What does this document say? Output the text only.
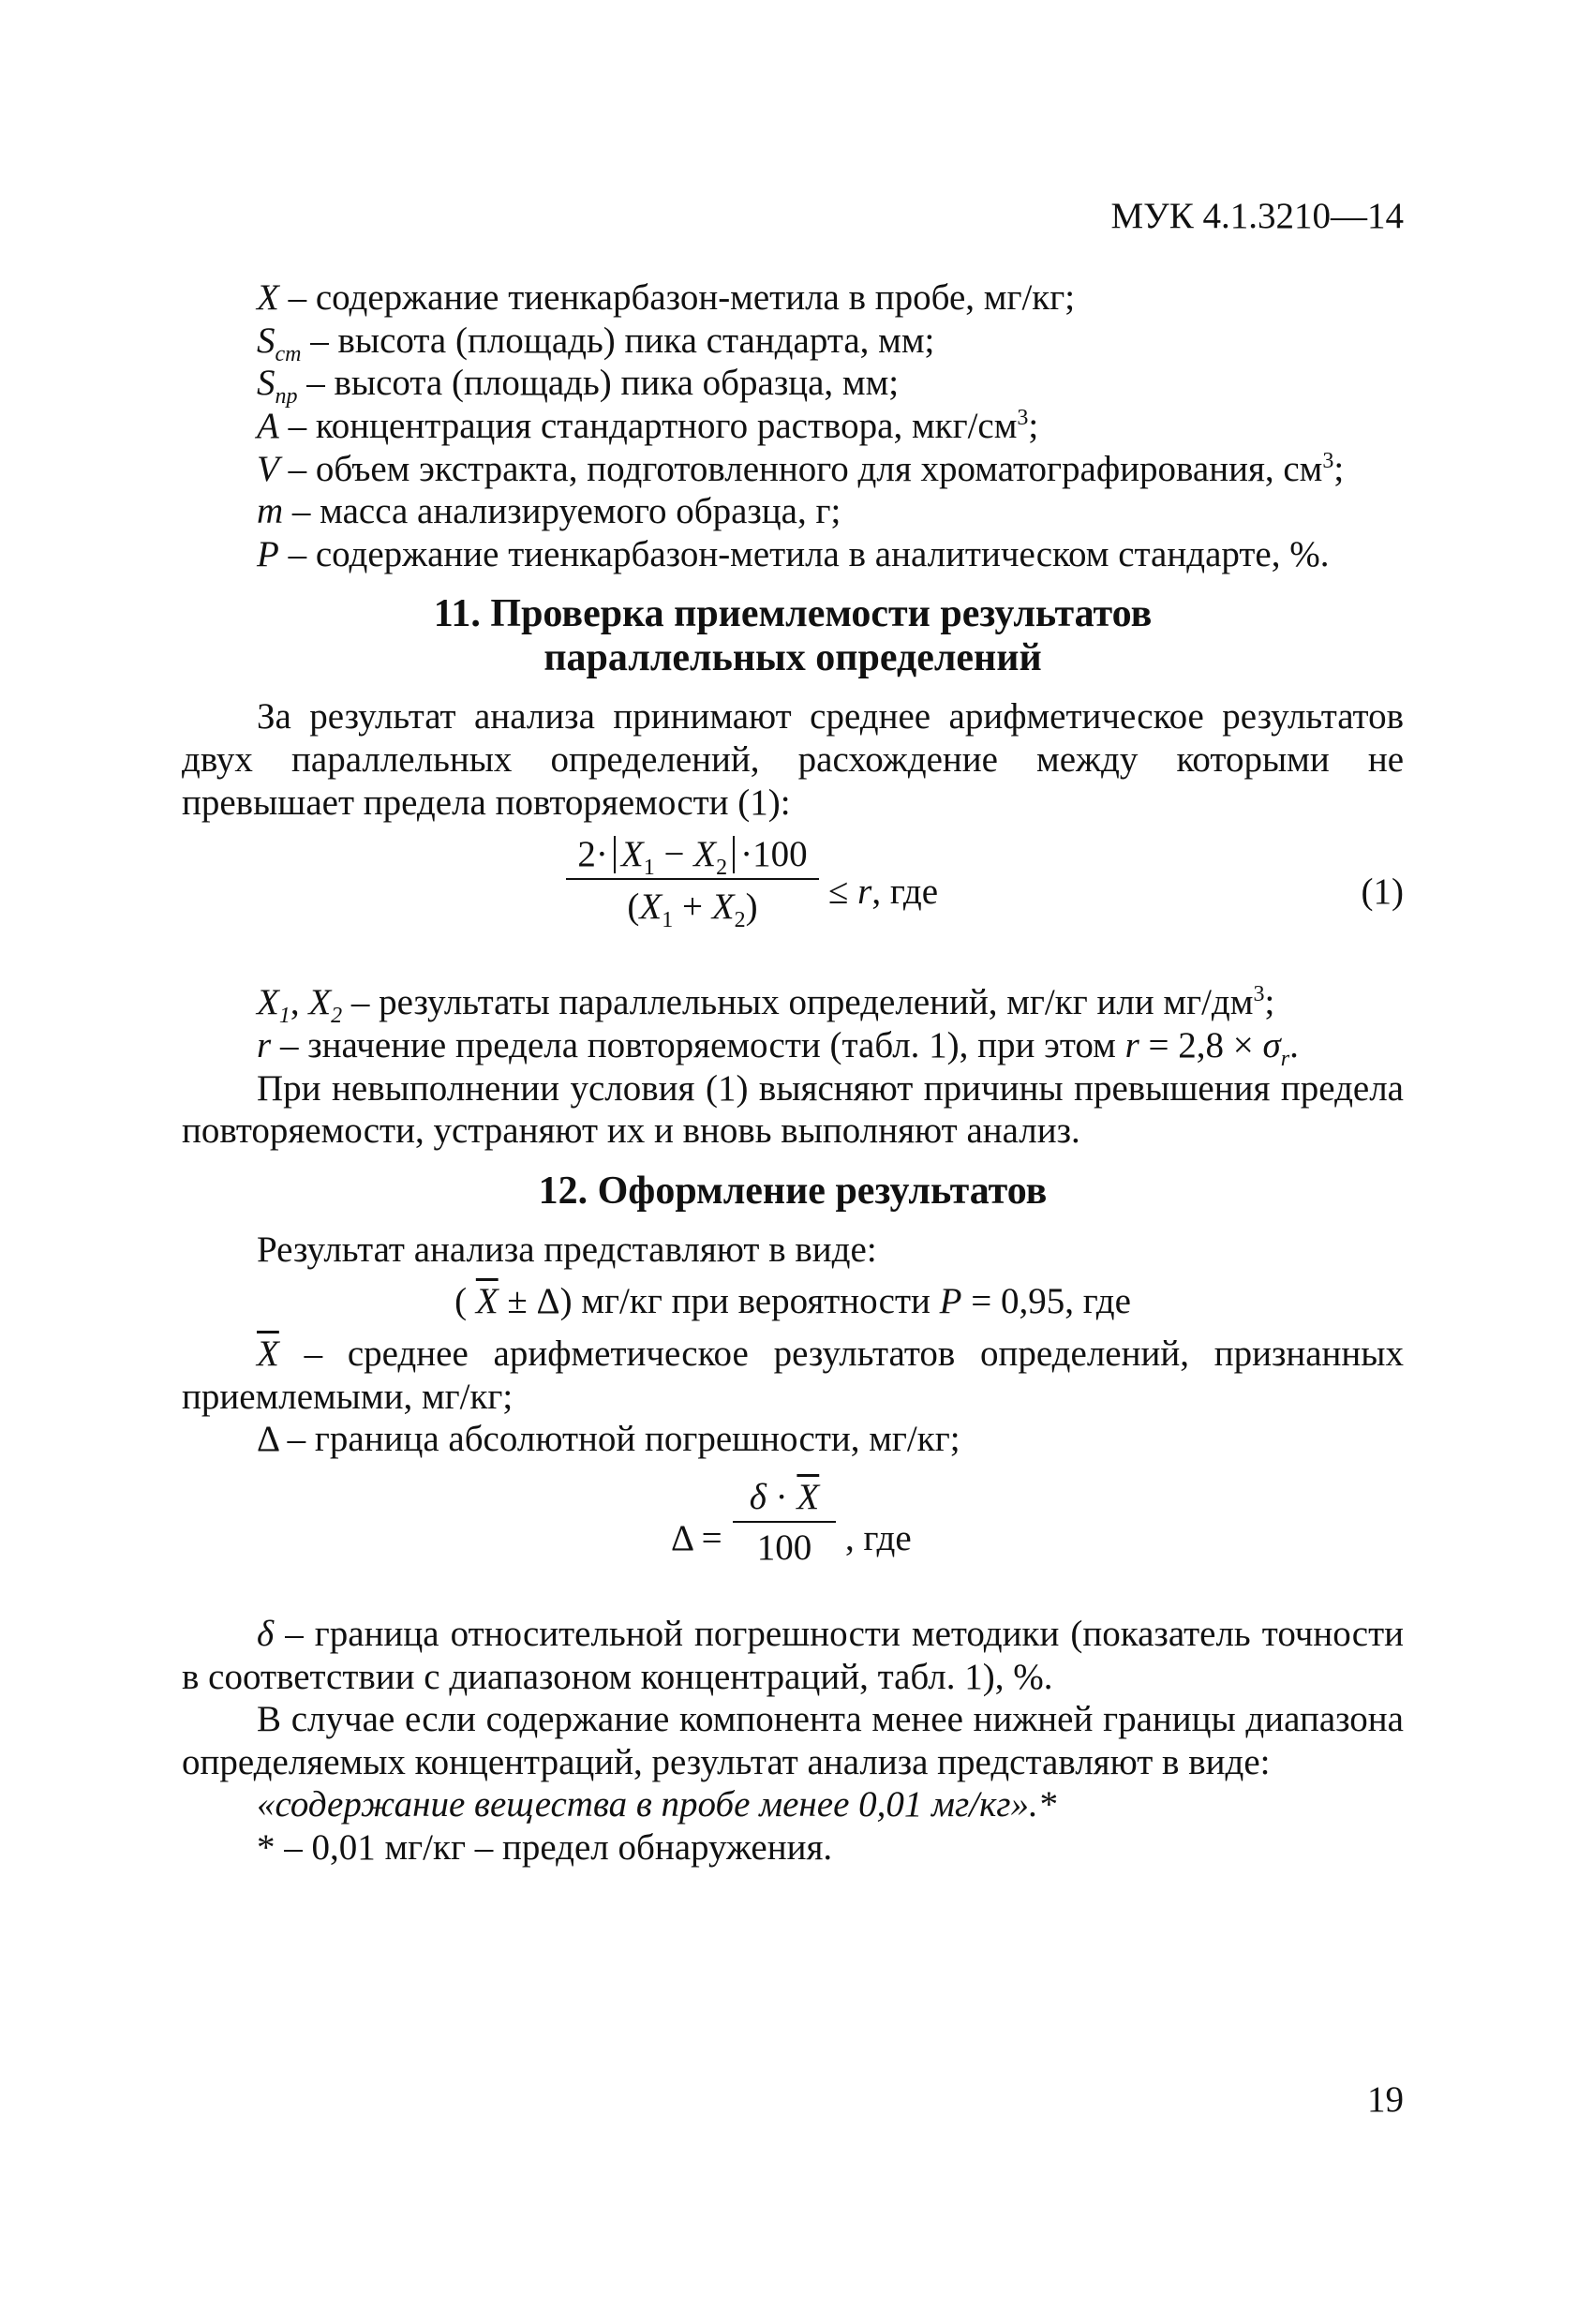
МУК 4.1.3210—14

X – содержание тиенкарбазон-метила в пробе, мг/кг;

$S_{ст}$ – высота (площадь) пика стандарта, мм;

$S_{пр}$ – высота (площадь) пика образца, мм;

A – концентрация стандартного раствора, мкг/$см^3$;

V – объем экстракта, подготовленного для хроматографирования, $см^3$;

m – масса анализируемого образца, г;

P – содержание тиенкарбазон-метила в аналитическом стандарте, %.

11. Проверка приемлемости результатов
параллельных определений

За результат анализа принимают среднее арифметическое результатов двух параллельных определений, расхождение между которыми не превышает предела повторяемости (1):

$2\cdot X_1 - X_2 \cdot 100$
$(X_1 + X_2)$	≤ r, где	(1)

$X_1$, $X_2$ – результаты параллельных определений, мг/кг или $мг/дм^3$;

r – значение предела повторяемости (табл. 1), при этом $r = 2,8 \times \sigma_r$.

При невыполнении условия (1) выясняют причины превышения предела повторяемости, устраняют их и вновь выполняют анализ.

12. Оформление результатов

Результат анализа представляют в виде:

( $\overline{X} \pm \Delta$) мг/кг при вероятности P = 0,95, где

$\overline{X}$ – среднее арифметическое результатов определений, признанных приемлемыми, мг/кг;

Δ – граница абсолютной погрешности, мг/кг;

Δ =
$\delta \cdot \overline{X}$
100 , где

δ – граница относительной погрешности методики (показатель точности в соответствии с диапазоном концентраций, табл. 1), %.

В случае если содержание компонента менее нижней границы диапазона определяемых концентраций, результат анализа представляют в виде:

«содержание вещества в пробе менее 0,01 мг/кг».*

* – 0,01 мг/кг – предел обнаружения.

19
